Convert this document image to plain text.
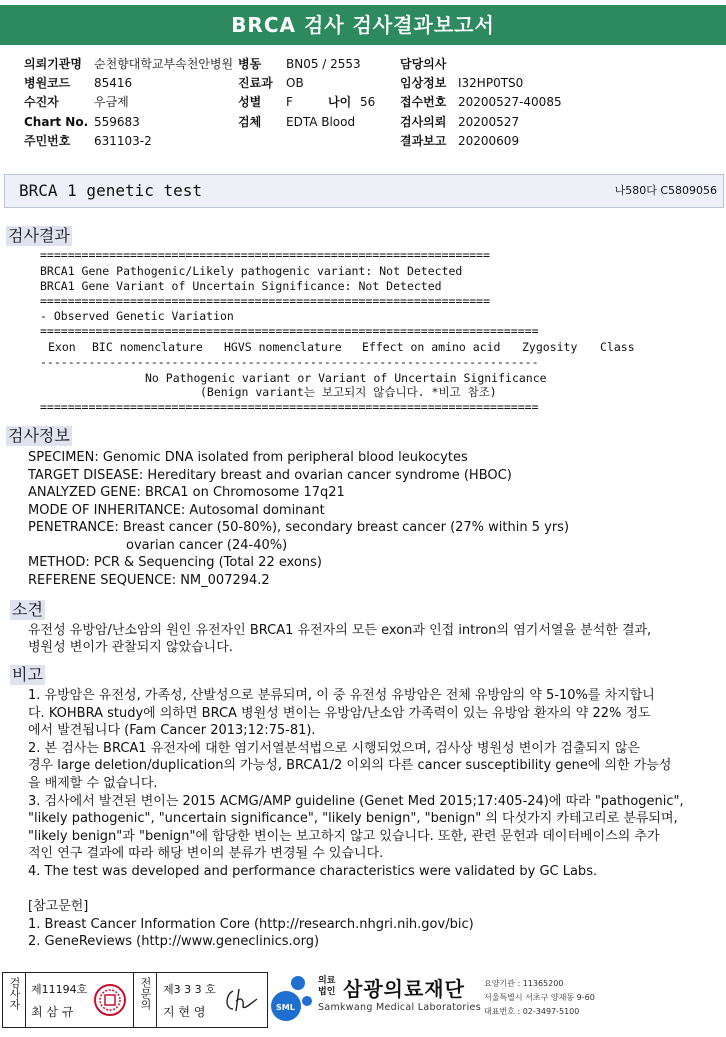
BRCA 검사 검사결과보고서
의뢰기관명 순천향대학교부속천안병원 병동 BN05 / 2553	담당의사
병원코드 85416	진료과 OB	임상정보 I32HP0TS0
수진자	우금제	성별 F	나이 56 접수번호 20200527-40085
Chart No. 559683	검체 EDTA Blood	검사의뢰 20200527
주민번호 631103-2	결과보고 20200609
BRCA 1 genetic test	나580다 C5809056
검사결과
=================================================================
BRCA1 Gene Pathogenic/Likely pathogenic variant: Not Detected
BRCA1 Gene Variant of Uncertain Significance: Not Detected
=================================================================
- Observed Genetic Variation
========================================================================
Exon BIC nomenclature HGVS nomenclature Effect on amino acid Zygosity Class
------------------------------------------------------------------------
No Pathogenic variant or Variant of Uncertain Significance
(Benign variant는 보고되지 않습니다. *비고 참조)
========================================================================
검사정보
SPECIMEN: Genomic DNA isolated from peripheral blood leukocytes
TARGET DISEASE: Hereditary breast and ovarian cancer syndrome (HBOC)
ANALYZED GENE: BRCA1 on Chromosome 17q21
MODE OF INHERITANCE: Autosomal dominant
PENETRANCE: Breast cancer (50-80%), secondary breast cancer (27% within 5 yrs)
ovarian cancer (24-40%)
METHOD: PCR & Sequencing (Total 22 exons)
REFERENE SEQUENCE: NM_007294.2
소견
유전성 유방암/난소암의 원인 유전자인 BRCA1 유전자의 모든 exon과 인접 intron의 염기서열을 분석한 결과,
병원성 변이가 관찰되지 않았습니다.
비고
1. 유방암은 유전성, 가족성, 산발성으로 분류되며, 이 중 유전성 유방암은 전체 유방암의 약 5-10%를 차지합니
다. KOHBRA study에 의하면 BRCA 병원성 변이는 유방암/난소암 가족력이 있는 유방암 환자의 약 22% 정도
에서 발견됩니다 (Fam Cancer 2013;12:75-81).
2. 본 검사는 BRCA1 유전자에 대한 염기서열분석법으로 시행되었으며, 검사상 병원성 변이가 검출되지 않은
경우 large deletion/duplication의 가능성, BRCA1/2 이외의 다른 cancer susceptibility gene에 의한 가능성
을 배제할 수 없습니다.
3. 검사에서 발견된 변이는 2015 ACMG/AMP guideline (Genet Med 2015;17:405-24)에 따라 "pathogenic",
"likely pathogenic", "uncertain significance", "likely benign", "benign" 의 다섯가지 카테고리로 분류되며,
"likely benign"과 "benign"에 합당한 변이는 보고하지 않고 있습니다. 또한, 관련 문헌과 데이터베이스의 추가
적인 연구 결과에 따라 해당 변이의 분류가 변경될 수 있습니다.
4. The test was developed and performance characteristics were validated by GC Labs.
[참고문헌]
1. Breast Cancer Information Core (http://research.nhgri.nih.gov/bic)
2. GeneReviews (http://www.geneclinics.org)
검사자 제11194호
최 삼 규
전문의 제3 3 3 호
지 현 영	SML
의료법인 삼광의료재단
Samkwang Medical Laboratories
요양기관 : 11365200
서울특별시 서초구 양재동 9-60
대표번호 : 02-3497-5100
